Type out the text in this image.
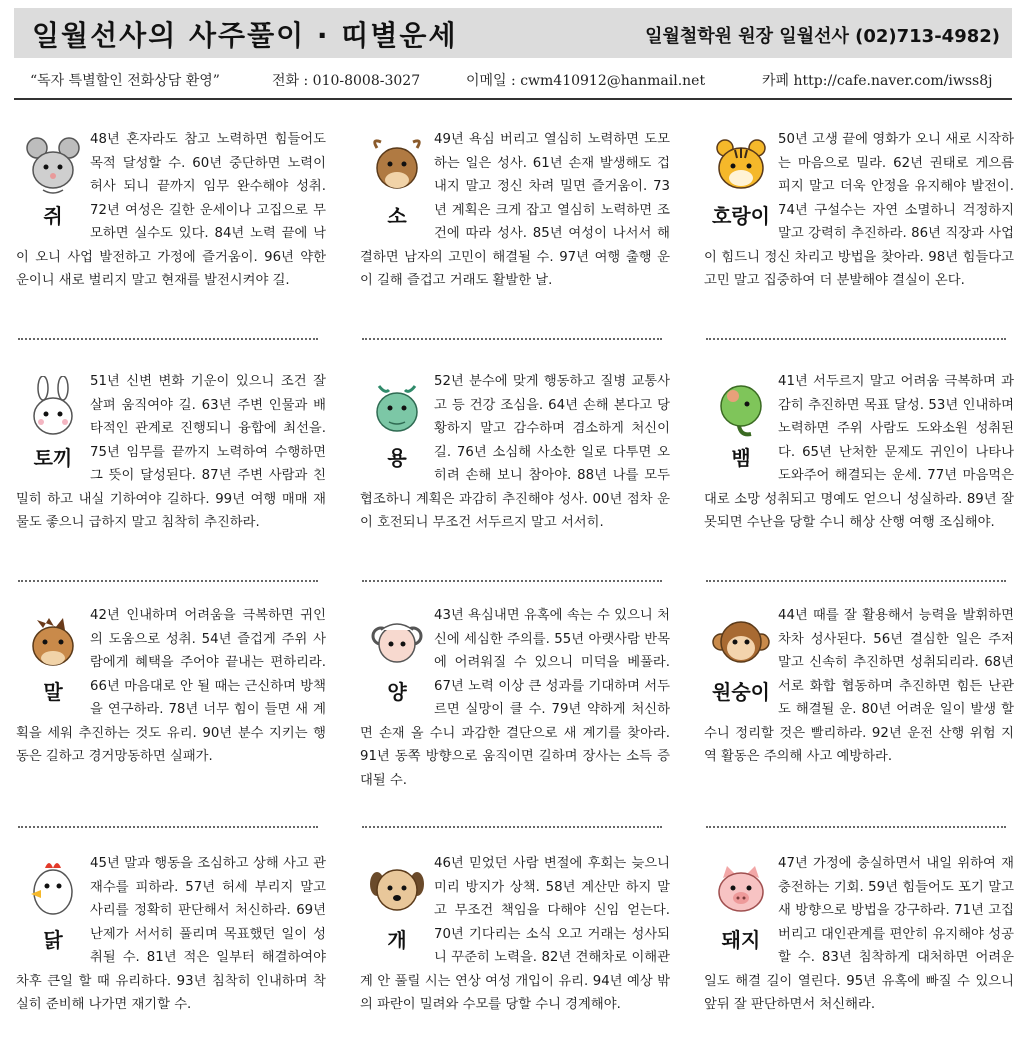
일월선사의 사주풀이 · 띠별운세	일월철학원 원장 일월선사 (02)713-4982)
“독자 특별할인 전화상담 환영”	전화 : 010-8008-3027	이메일 : cwm410912@hanmail.net	카페 http://cafe.naver.com/iwss8j
쥐

48년 혼자라도 참고 노력하면 힘들어도 목적 달성할 수. 60년 중단하면 노력이 허사 되니 끝까지 임무 완수해야 성취. 72년 여성은 길한 운세이나 고집으로 무모하면 실수도 있다. 84년 노력 끝에 낙이 오니 사업 발전하고 가정에 즐거움이. 96년 약한 운이니 새로 벌리지 말고 현재를 발전시켜야 길.

소

49년 욕심 버리고 열심히 노력하면 도모하는 일은 성사. 61년 손재 발생해도 겁내지 말고 정신 차려 밀면 즐거움이. 73년 계획은 크게 잡고 열심히 노력하면 조건에 따라 성사. 85년 여성이 나서서 해결하면 남자의 고민이 해결될 수. 97년 여행 출행 운이 길해 즐겁고 거래도 활발한 날.

호랑이

50년 고생 끝에 영화가 오니 새로 시작하는 마음으로 밀라. 62년 권태로 게으름 피지 말고 더욱 안정을 유지해야 발전이. 74년 구설수는 자연 소멸하니 걱정하지 말고 강력히 추진하라. 86년 직장과 사업이 힘드니 정신 차리고 방법을 찾아라. 98년 힘들다고 고민 말고 집중하여 더 분발해야 결실이 온다.

토끼

51년 신변 변화 기운이 있으니 조건 잘 살펴 움직여야 길. 63년 주변 인물과 배타적인 관계로 진행되니 융합에 최선을. 75년 임무를 끝까지 노력하여 수행하면 그 뜻이 달성된다. 87년 주변 사람과 친밀히 하고 내실 기하여야 길하다. 99년 여행 매매 재물도 좋으니 급하지 말고 침착히 추진하라.

용

52년 분수에 맞게 행동하고 질병 교통사고 등 건강 조심을. 64년 손해 본다고 당황하지 말고 감수하며 겸소하게 처신이 길. 76년 소심해 사소한 일로 다투면 오히려 손해 보니 참아야. 88년 나를 모두 협조하니 계획은 과감히 추진해야 성사. 00년 점차 운이 호전되니 무조건 서두르지 말고 서서히.

뱀

41년 서두르지 말고 어려움 극복하며 과감히 추진하면 목표 달성. 53년 인내하며 노력하면 주위 사람도 도와소원 성취된다. 65년 난처한 문제도 귀인이 나타나 도와주어 해결되는 운세. 77년 마음먹은 대로 소망 성취되고 명예도 얻으니 성실하라. 89년 잘못되면 수난을 당할 수니 해상 산행 여행 조심해야.

말

42년 인내하며 어려움을 극복하면 귀인의 도움으로 성취. 54년 즐겁게 주위 사람에게 혜택을 주어야 끝내는 편하리라. 66년 마음대로 안 될 때는 근신하며 방책을 연구하라. 78년 너무 힘이 들면 새 계획을 세워 추진하는 것도 유리. 90년 분수 지키는 행동은 길하고 경거망동하면 실패가.

양

43년 욕심내면 유혹에 속는 수 있으니 처신에 세심한 주의를. 55년 아랫사람 반목에 어려워질 수 있으니 미덕을 베풀라. 67년 노력 이상 큰 성과를 기대하며 서두르면 실망이 클 수. 79년 약하게 처신하면 손재 올 수니 과감한 결단으로 새 계기를 찾아라. 91년 동쪽 방향으로 움직이면 길하며 장사는 소득 증대될 수.

원숭이

44년 때를 잘 활용해서 능력을 발휘하면 차차 성사된다. 56년 결심한 일은 주저 말고 신속히 추진하면 성취되리라. 68년 서로 화합 협동하며 추진하면 힘든 난관도 해결될 운. 80년 어려운 일이 발생 할 수니 정리할 것은 빨리하라. 92년 운전 산행 위험 지역 활동은 주의해 사고 예방하라.

닭

45년 말과 행동을 조심하고 상해 사고 관재수를 피하라. 57년 허세 부리지 말고 사리를 정확히 판단해서 처신하라. 69년 난제가 서서히 풀리며 목표했던 일이 성취될 수. 81년 적은 일부터 해결하여야 차후 큰일 할 때 유리하다. 93년 침착히 인내하며 착실히 준비해 나가면 재기할 수.

개

46년 믿었던 사람 변절에 후회는 늦으니 미리 방지가 상책. 58년 계산만 하지 말고 무조건 책임을 다해야 신임 얻는다. 70년 기다리는 소식 오고 거래는 성사되니 꾸준히 노력을. 82년 견해차로 이해관계 안 풀릴 시는 연상 여성 개입이 유리. 94년 예상 밖의 파란이 밀려와 수모를 당할 수니 경계해야.

돼지

47년 가정에 충실하면서 내일 위하여 재충전하는 기회. 59년 힘들어도 포기 말고 새 방향으로 방법을 강구하라. 71년 고집 버리고 대인관계를 편안히 유지해야 성공할 수. 83년 침착하게 대처하면 어려운 일도 해결 길이 열린다. 95년 유혹에 빠질 수 있으니 앞뒤 잘 판단하면서 처신해라.
